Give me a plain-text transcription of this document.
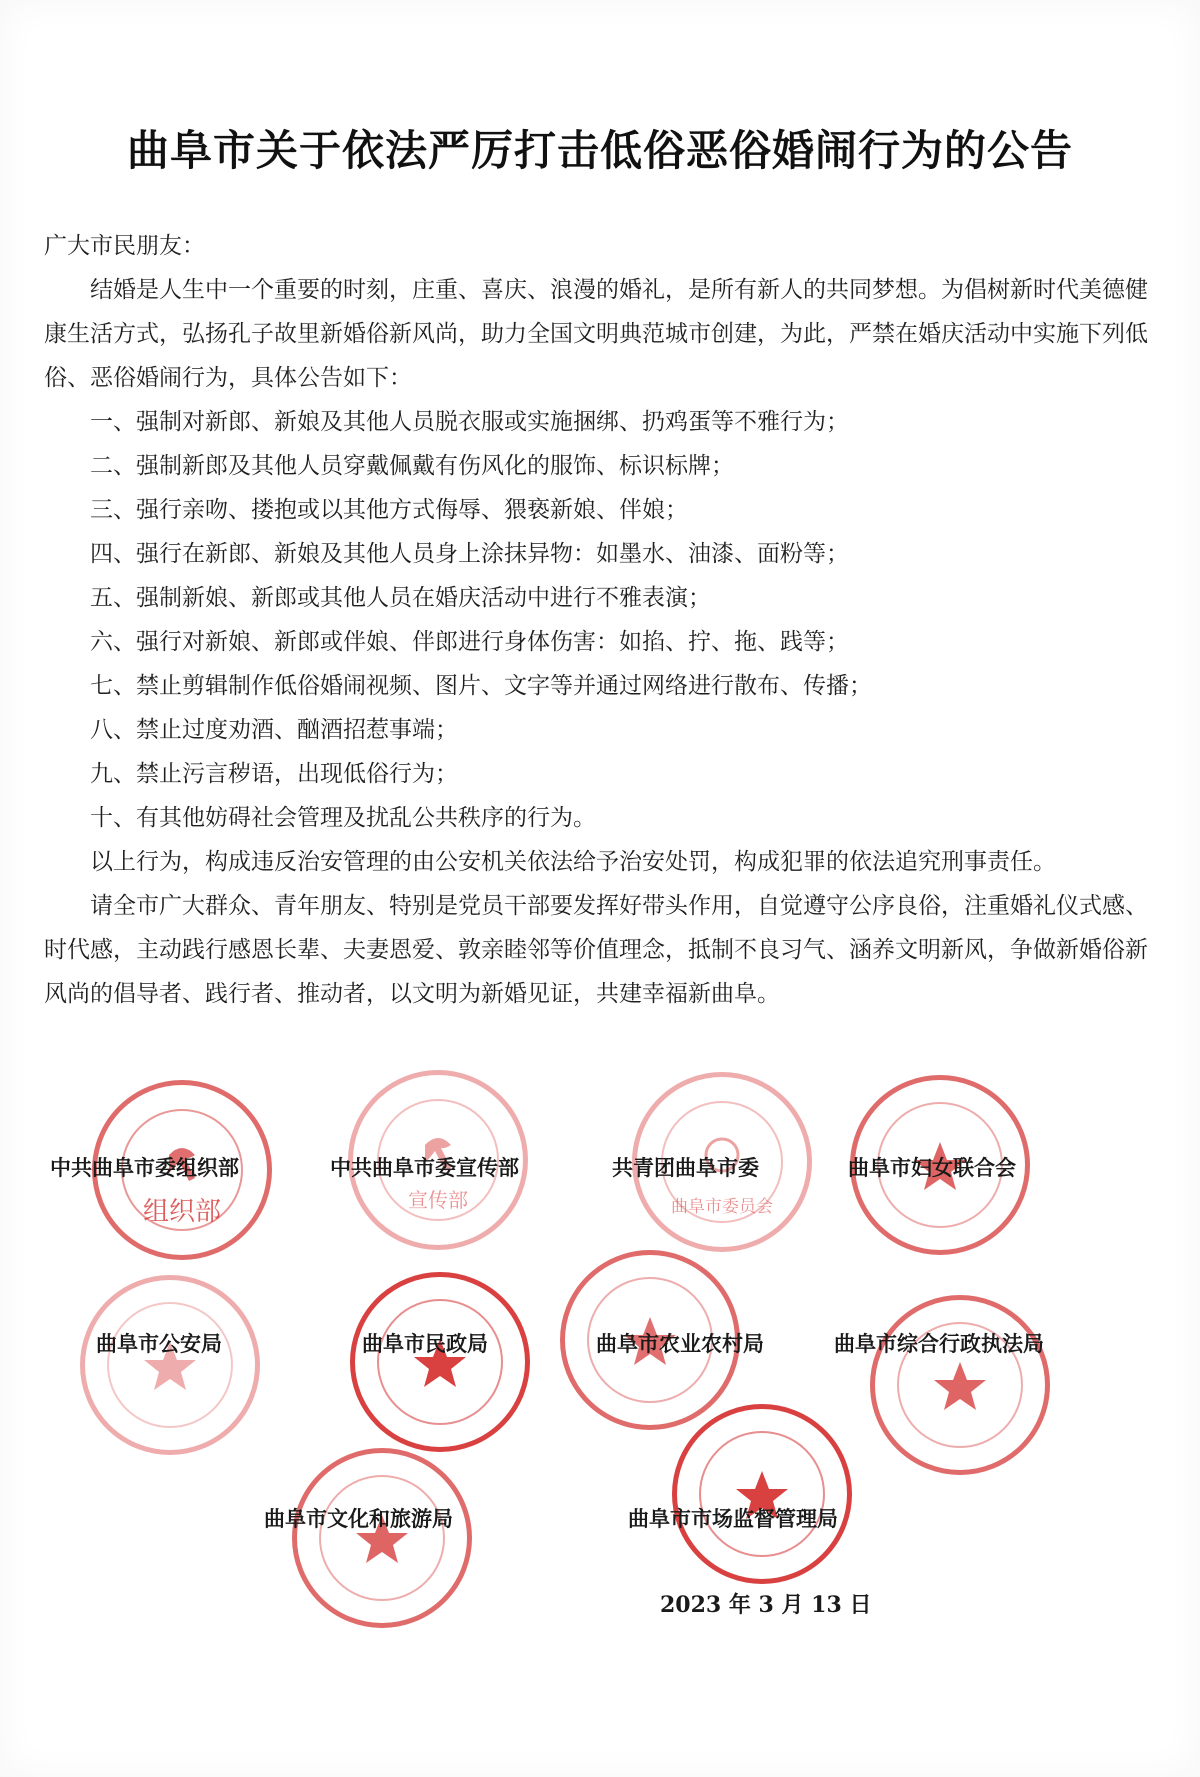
曲阜市关于依法严厉打击低俗恶俗婚闹行为的公告

广大市民朋友：

结婚是人生中一个重要的时刻，庄重、喜庆、浪漫的婚礼，是所有新人的共同梦想。为倡树新时代美德健康生活方式，弘扬孔子故里新婚俗新风尚，助力全国文明典范城市创建，为此，严禁在婚庆活动中实施下列低俗、恶俗婚闹行为，具体公告如下：

一、强制对新郎、新娘及其他人员脱衣服或实施捆绑、扔鸡蛋等不雅行为；

二、强制新郎及其他人员穿戴佩戴有伤风化的服饰、标识标牌；

三、强行亲吻、搂抱或以其他方式侮辱、猥亵新娘、伴娘；

四、强行在新郎、新娘及其他人员身上涂抹异物：如墨水、油漆、面粉等；

五、强制新娘、新郎或其他人员在婚庆活动中进行不雅表演；

六、强行对新娘、新郎或伴娘、伴郎进行身体伤害：如掐、拧、拖、践等；

七、禁止剪辑制作低俗婚闹视频、图片、文字等并通过网络进行散布、传播；

八、禁止过度劝酒、酗酒招惹事端；

九、禁止污言秽语，出现低俗行为；

十、有其他妨碍社会管理及扰乱公共秩序的行为。

以上行为，构成违反治安管理的由公安机关依法给予治安处罚，构成犯罪的依法追究刑事责任。

请全市广大群众、青年朋友、特别是党员干部要发挥好带头作用，自觉遵守公序良俗，注重婚礼仪式感、时代感，主动践行感恩长辈、夫妻恩爱、敦亲睦邻等价值理念，抵制不良习气、涵养文明新风，争做新婚俗新风尚的倡导者、践行者、推动者，以文明为新婚见证，共建幸福新曲阜。

组织部	宣传部	曲阜市委员会
中共曲阜市委组织部	中共曲阜市委宣传部	共青团曲阜市委	曲阜市妇女联合会
曲阜市公安局	曲阜市民政局	曲阜市农业农村局	曲阜市综合行政执法局
曲阜市文化和旅游局	曲阜市市场监督管理局
2023 年 3 月 13 日
